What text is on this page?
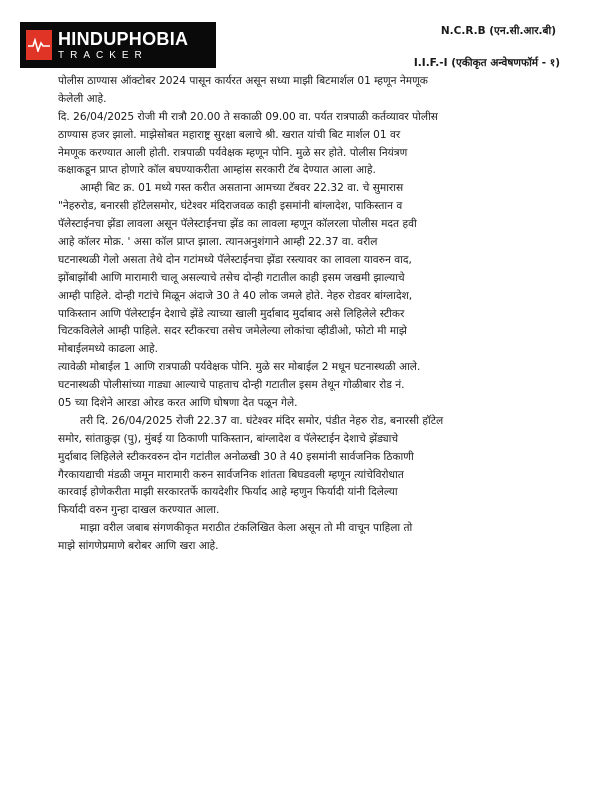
HINDUPHOBIA
TRACKER
N.C.R.B (एन.सी.आर.बी)
I.I.F.-I (एकीकृत अ‍न्वेषणफॉर्म - १)
पोलीस ठाण्यास ऑक्टोबर 2024 पासून कार्यरत असून सध्या माझी बिटमार्शल 01 म्हणून नेमणूक
केलेली आहे.
दि. 26/04/2025 रोजी मी रात्रौ 20.00 ते सकाळी 09.00 वा. पर्यत रात्रपाळी कर्तव्यावर पोलीस
ठाण्यास हजर झालो. माझेसोबत महाराष्ट्र सुरक्षा बलाचे श्री. खरात यांची बिट मार्शल 01 वर
नेमणूक करण्यात आली होती. रात्रपाळी पर्यवेक्षक म्हणून पोनि. मुळे सर होते. पोलीस नियंत्रण
कक्षाकडून प्राप्त होणारे कॉल बघण्याकरीता आम्हांस सरकारी टॅब देण्यात आला आहे.
आम्ही बिट क्र. 01 मध्ये गस्त करीत असताना आमच्या टॅबवर 22.32 वा. चे सुमारास
"नेहरुरोड, बनारसी हॉटेलसमोर, घंटेश्वर मंदिराजवळ काही इसमांनी बांग्लादेश, पाकिस्तान व
पॅलेस्टाईनचा झेंडा लावला असून पॅलेस्टाईनचा झेंड का लावला म्हणून कॉलरला पोलीस मदत हवी
आहे कॉलर मोक्र. ' असा कॉल प्राप्त झाला. त्यानअनुशंगाने आम्ही 22.37 वा. वरील
घटनास्थळी गेलो असता तेथे दोन गटांमध्ये पॅलेस्टाईनचा झेंडा रस्त्यावर का लावला यावरुन वाद,
झोंबाझोंबी आणि मारामारी चालू असल्याचे तसेच दोन्ही गटातील काही इसम जखमी झाल्याचे
आम्ही पाहिले. दोन्ही गटांचे मिळून अंदाजे 30 ते 40 लोक जमले होते. नेहरु रोडवर बांग्लादेश,
पाकिस्तान आणि पॅलेस्टाईन देशाचे झेंडे त्याच्या खाली मुर्दाबाद मुर्दाबाद असे लिहिलेले स्टीकर
चिटकविलेले आम्ही पाहिले. सदर स्टीकरचा तसेच जमेलेल्या लोकांचा व्हीडीओ, फोटो मी माझे
मोबाईलमध्ये काढला आहे.
त्यावेळी मोबाईल 1 आणि रात्रपाळी पर्यवेक्षक पोनि. मुळे सर मोबाईल 2 मधून घटनास्थळी आले.
घटनास्थळी पोलीसांच्या गाड्या आल्याचे पाहताच दोन्ही गटातील इसम तेथून गोळीबार रोड नं.
05 च्या दिशेने आरडा ओरड करत आणि घोषणा देत पळून गेले.
तरी दि. 26/04/2025 रोजी 22.37 वा. घंटेश्वर मंदिर समोर, पंडीत नेहरु रोड, बनारसी हॉटेल
समोर, सांताक्रुझ (पु), मुंबई या ठिकाणी पाकिस्तान, बांग्लादेश व पॅलेस्टाईन देशाचे झेंड्याचे
मुर्दाबाद लिहिलेले स्टीकरवरुन दोन गटांतील अनोळखी 30 ते 40 इसमांनी सार्वजनिक ठिकाणी
गैरकायद्याची मंडळी जमून मारामारी करुन सार्वजनिक शांतता बिघडवली म्हणून त्यांचेविरोधात
कारवाई होणेकरीता माझी सरकारतर्फे कायदेशीर फिर्याद आहे म्हणुन फिर्यादी यांनी दिलेल्या
फिर्यादी वरुन गुन्हा दाखल करण्यात आला.
माझा वरील जबाब संगणकीकृत मराठीत टंकलिखित केला असून तो मी वाचून पाहिला तो
माझे सांगणेप्रमाणे बरोबर आणि खरा आहे.
